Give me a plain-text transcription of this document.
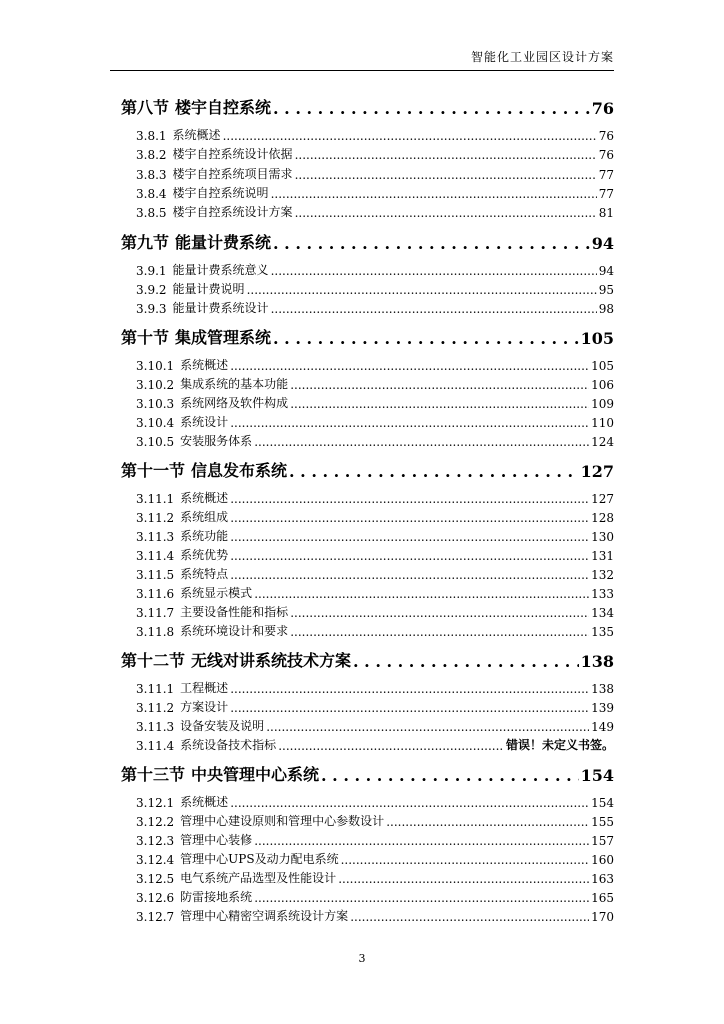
智能化工业园区设计方案
第八节 楼宇自控系统 . . .	76
3.8.1 系统概述 .....	76
3.8.2 楼宇自控系统设计依据 .....	76
3.8.3 楼宇自控系统项目需求 .....	77
3.8.4 楼宇自控系统说明 .....	77
3.8.5 楼宇自控系统设计方案 .....	81
第九节 能量计费系统 . . .	94
3.9.1 能量计费系统意义 .....	94
3.9.2 能量计费说明 .....	95
3.9.3 能量计费系统设计 .....	98
第十节 集成管理系统 . . .	105
3.10.1 系统概述 .....	105
3.10.2 集成系统的基本功能 .....	106
3.10.3 系统网络及软件构成 .....	109
3.10.4 系统设计 .....	110
3.10.5 安装服务体系 .....	124
第十一节 信息发布系统 . . .	127
3.11.1 系统概述 .....	127
3.11.2 系统组成 .....	128
3.11.3 系统功能 .....	130
3.11.4 系统优势 .....	131
3.11.5 系统特点 .....	132
3.11.6 系统显示模式 .....	133
3.11.7 主要设备性能和指标 .....	134
3.11.8 系统环境设计和要求 .....	135
第十二节 无线对讲系统技术方案 . . .	138
3.11.1 工程概述 .....	138
3.11.2 方案设计 .....	139
3.11.3 设备安装及说明 .....	149
3.11.4 系统设备技术指标 .....	错误！未定义书签。
第十三节 中央管理中心系统 . . .	154
3.12.1 系统概述 .....	154
3.12.2 管理中心建设原则和管理中心参数设计 .....	155
3.12.3 管理中心装修 .....	157
3.12.4 管理中心UPS及动力配电系统 .....	160
3.12.5 电气系统产品选型及性能设计 .....	163
3.12.6 防雷接地系统 .....	165
3.12.7 管理中心精密空调系统设计方案 .....	170
3
